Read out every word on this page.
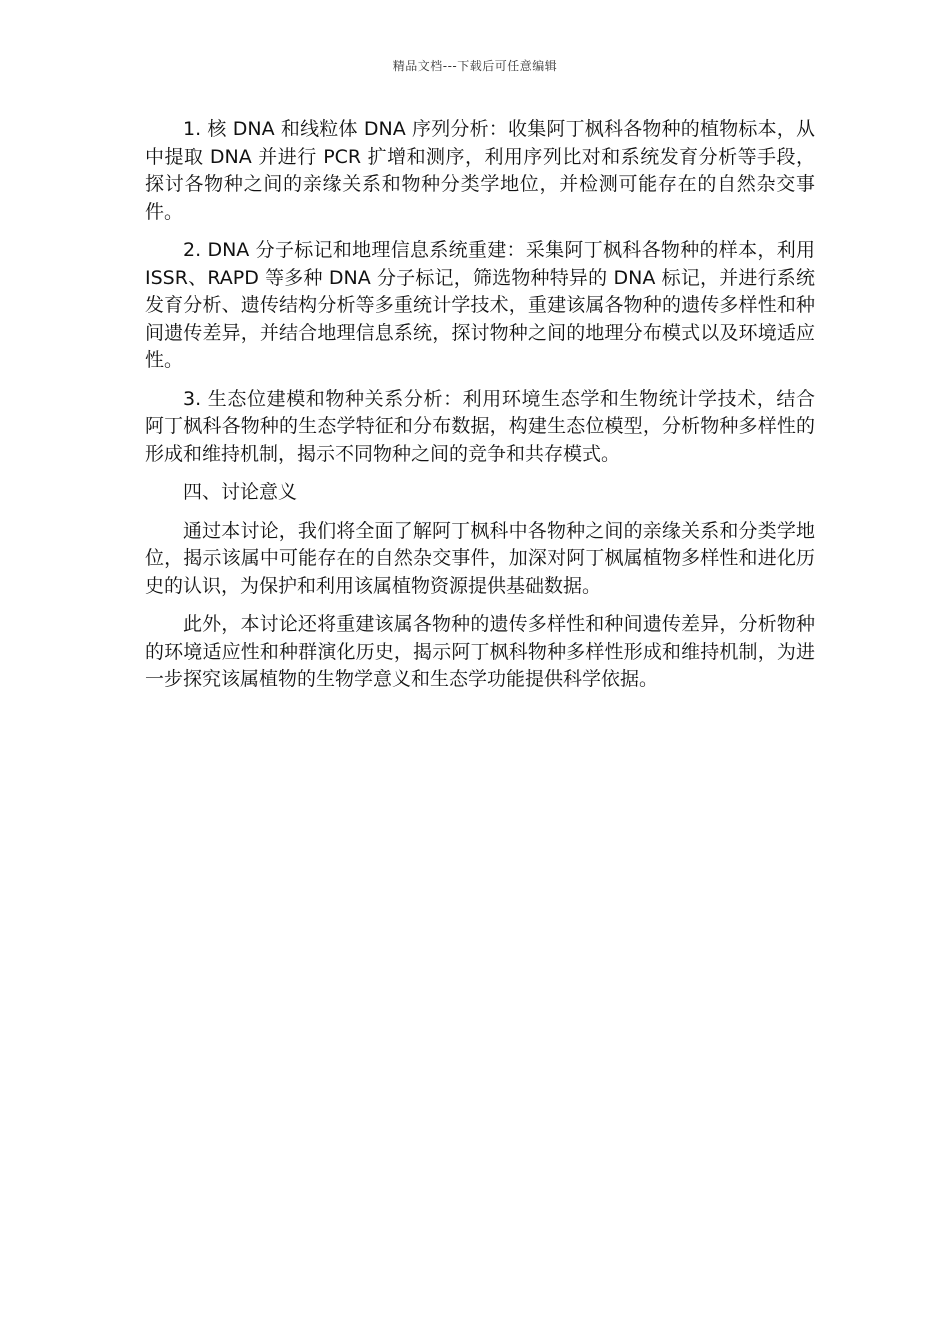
精品文档---下载后可任意编辑

1. 核 DNA 和线粒体 DNA 序列分析：收集阿丁枫科各物种的植物标本，从中提取 DNA 并进行 PCR 扩增和测序，利用序列比对和系统发育分析等手段，探讨各物种之间的亲缘关系和物种分类学地位，并检测可能存在的自然杂交事件。

2. DNA 分子标记和地理信息系统重建：采集阿丁枫科各物种的样本，利用 ISSR、RAPD 等多种 DNA 分子标记，筛选物种特异的 DNA 标记，并进行系统发育分析、遗传结构分析等多重统计学技术，重建该属各物种的遗传多样性和种间遗传差异，并结合地理信息系统，探讨物种之间的地理分布模式以及环境适应性。

3. 生态位建模和物种关系分析：利用环境生态学和生物统计学技术，结合阿丁枫科各物种的生态学特征和分布数据，构建生态位模型，分析物种多样性的形成和维持机制，揭示不同物种之间的竞争和共存模式。

四、讨论意义

通过本讨论，我们将全面了解阿丁枫科中各物种之间的亲缘关系和分类学地位，揭示该属中可能存在的自然杂交事件，加深对阿丁枫属植物多样性和进化历史的认识，为保护和利用该属植物资源提供基础数据。

此外，本讨论还将重建该属各物种的遗传多样性和种间遗传差异，分析物种的环境适应性和种群演化历史，揭示阿丁枫科物种多样性形成和维持机制，为进一步探究该属植物的生物学意义和生态学功能提供科学依据。
